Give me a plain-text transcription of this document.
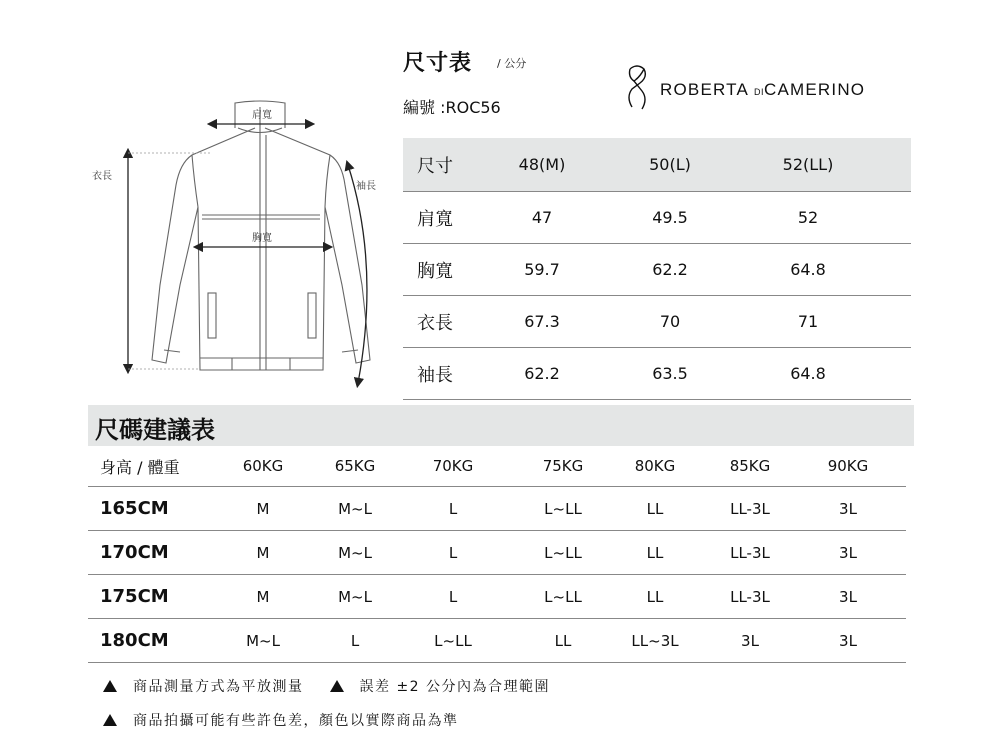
肩寬
胸寬
衣長
袖長
尺寸表 / 公分
編號 :ROC56
ROBERTA DICAMERINO
尺寸	48(M)	50(L)	52(LL)
肩寬	47	49.5	52
胸寬	59.7	62.2	64.8
衣長	67.3	70	71
袖長	62.2	63.5	64.8
尺碼建議表
身高 / 體重	60KG	65KG	70KG	75KG	80KG	85KG	90KG
165CM	M	M~L	L	L~LL	LL	LL-3L	3L
170CM	M	M~L	L	L~LL	LL	LL-3L	3L
175CM	M	M~L	L	L~LL	LL	LL-3L	3L
180CM	M~L	L	L~LL	LL	LL~3L	3L	3L
商品測量方式為平放測量	誤差 ±2 公分內為合理範圍
商品拍攝可能有些許色差，顏色以實際商品為準
